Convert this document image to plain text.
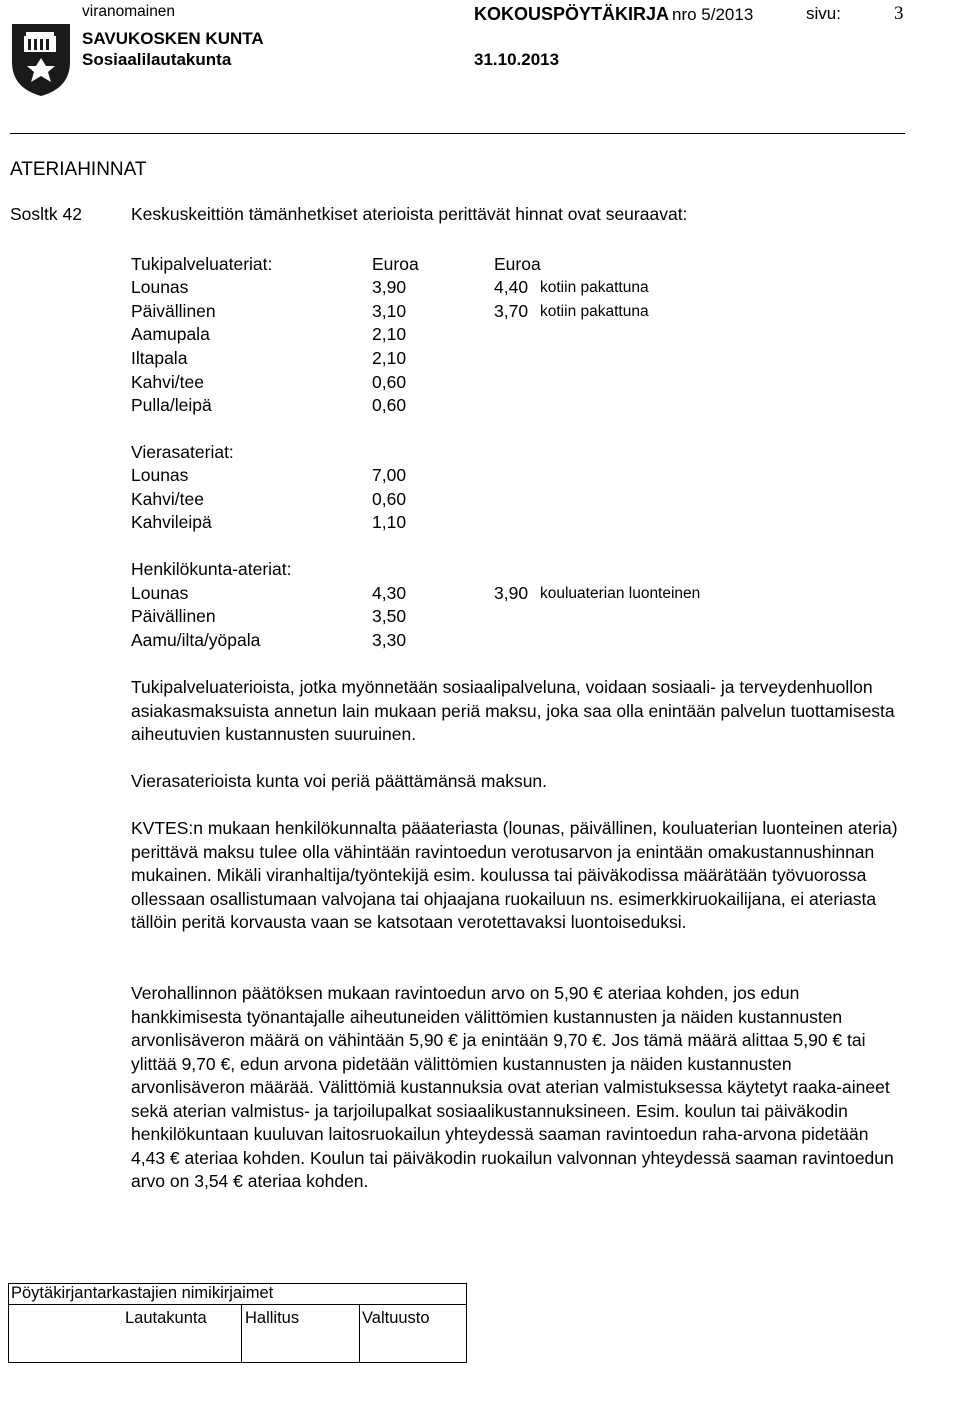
viranomainen	KOKOUSPÖYTÄKIRJA nro 5/2013	sivu:	3
SAVUKOSKEN KUNTA
Sosiaalilautakunta	31.10.2013
ATERIAHINNAT
Sosltk 42	Keskuskeittiön tämänhetkiset aterioista perittävät hinnat ovat seuraavat:
Tukipalveluateriat:	Euroa	Euroa
Lounas	3,90	4,40 kotiin pakattuna
Päivällinen	3,10	3,70 kotiin pakattuna
Aamupala	2,10
Iltapala	2,10
Kahvi/tee	0,60
Pulla/leipä	0,60
Vierasateriat:
Lounas	7,00
Kahvi/tee	0,60
Kahvileipä	1,10
Henkilökunta-ateriat:
Lounas	4,30	3,90 kouluaterian luonteinen
Päivällinen	3,50
Aamu/ilta/yöpala	3,30

Tukipalveluaterioista, jotka myönnetään sosiaalipalveluna, voidaan sosiaali- ja terveydenhuollon asiakasmaksuista annetun lain mukaan periä maksu, joka saa olla enintään palvelun tuottamisesta aiheutuvien kustannusten suuruinen.

Vierasaterioista kunta voi periä päättämänsä maksun.

KVTES:n mukaan henkilökunnalta pääateriasta (lounas, päivällinen, kouluaterian luonteinen ateria) perittävä maksu tulee olla vähintään ravintoedun verotusarvon ja enintään omakustannushinnan mukainen. Mikäli viranhaltija/työntekijä esim. koulussa tai päiväkodissa määrätään työvuorossa ollessaan osallistumaan valvojana tai ohjaajana ruokailuun ns. esimerkkiruokailijana, ei ateriasta tällöin peritä korvausta vaan se katsotaan verotettavaksi luontoiseduksi.

Verohallinnon päätöksen mukaan ravintoedun arvo on 5,90 € ateriaa kohden, jos edun hankkimisesta työnantajalle aiheutuneiden välittömien kustannusten ja näiden kustannusten arvonlisäveron määrä on vähintään 5,90 € ja enintään 9,70 €. Jos tämä määrä alittaa 5,90 € tai ylittää 9,70 €, edun arvona pidetään välittömien kustannusten ja näiden kustannusten arvonlisäveron määrää. Välittömiä kustannuksia ovat aterian valmistuksessa käytetyt raaka-aineet sekä aterian valmistus- ja tarjoilupalkat sosiaalikustannuksineen. Esim. koulun tai päiväkodin henkilökuntaan kuuluvan laitosruokailun yhteydessä saaman ravintoedun raha-arvona pidetään 4,43 € ateriaa kohden. Koulun tai päiväkodin ruokailun valvonnan yhteydessä saaman ravintoedun arvo on 3,54 € ateriaa kohden.

Pöytäkirjantarkastajien nimikirjaimet
Lautakunta	Hallitus	Valtuusto
